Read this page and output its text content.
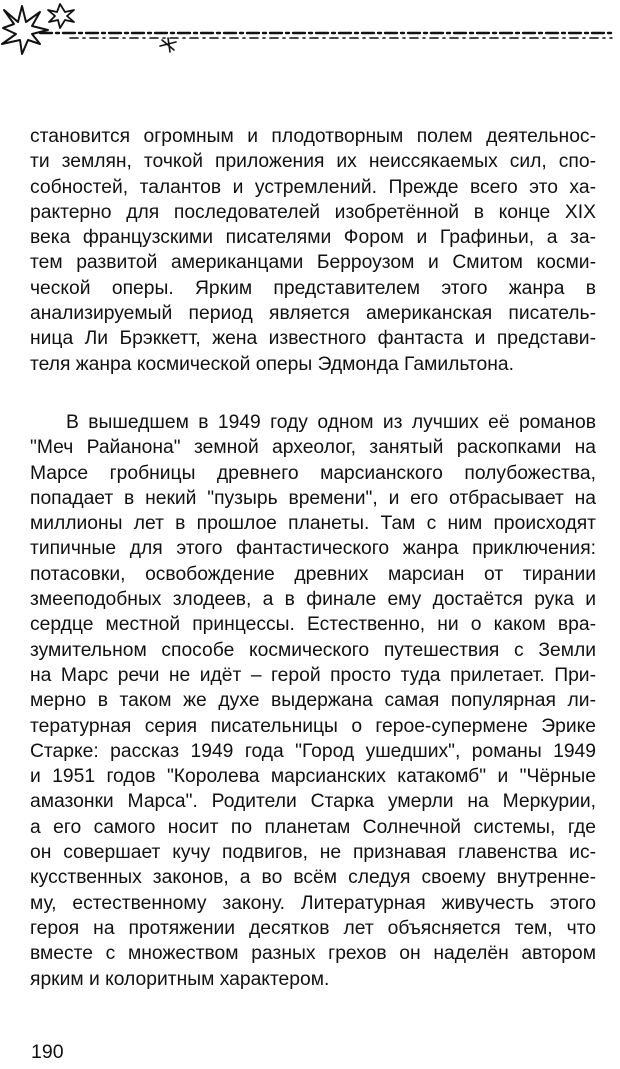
становится огромным и плодотворным полем деятельнос-
ти землян, точкой приложения их неиссякаемых сил, спо-
собностей, талантов и устремлений. Прежде всего это ха-
рактерно для последователей изобретённой в конце XIX
века французскими писателями Фором и Графиньи, а за-
тем развитой американцами Берроузом и Смитом косми-
ческой оперы. Ярким представителем этого жанра в
анализируемый период является американская писатель-
ница Ли Брэккетт, жена известного фантаста и представи-
теля жанра космической оперы Эдмонда Гамильтона.
В вышедшем в 1949 году одном из лучших её романов
"Меч Райанона" земной археолог, занятый раскопками на
Марсе гробницы древнего марсианского полубожества,
попадает в некий "пузырь времени", и его отбрасывает на
миллионы лет в прошлое планеты. Там с ним происходят
типичные для этого фантастического жанра приключения:
потасовки, освобождение древних марсиан от тирании
змееподобных злодеев, а в финале ему достаётся рука и
сердце местной принцессы. Естественно, ни о каком вра-
зумительном способе космического путешествия с Земли
на Марс речи не идёт – герой просто туда прилетает. При-
мерно в таком же духе выдержана самая популярная ли-
тературная серия писательницы о герое-супермене Эрике
Старке: рассказ 1949 года "Город ушедших", романы 1949
и 1951 годов "Королева марсианских катакомб" и "Чёрные
амазонки Марса". Родители Старка умерли на Меркурии,
а его самого носит по планетам Солнечной системы, где
он совершает кучу подвигов, не признавая главенства ис-
кусственных законов, а во всём следуя своему внутренне-
му, естественному закону. Литературная живучесть этого
героя на протяжении десятков лет объясняется тем, что
вместе с множеством разных грехов он наделён автором
ярким и колоритным характером.
190
